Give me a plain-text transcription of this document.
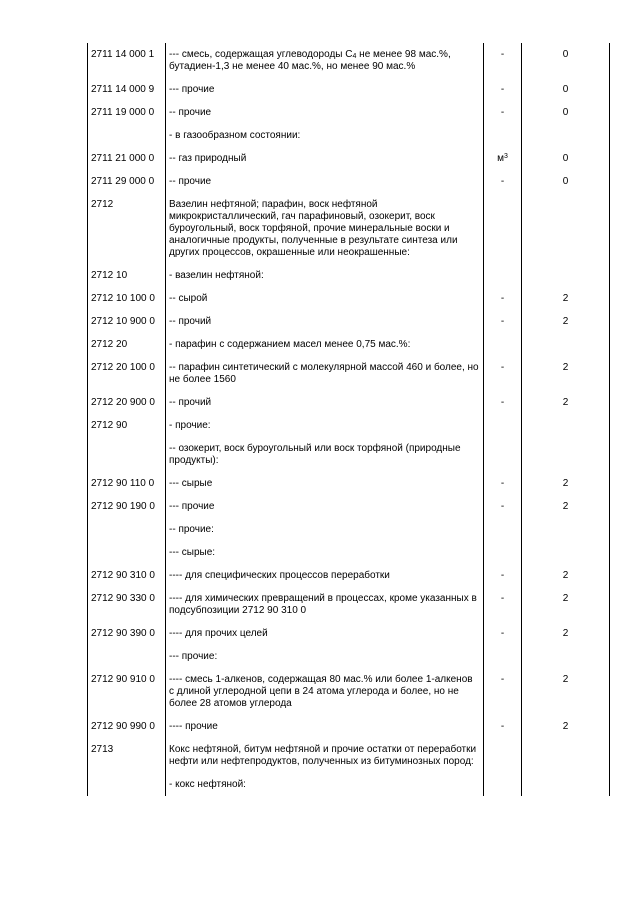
2711 14 000 1	--- смесь, содержащая углеводороды $C_4$ не менее 98 мас.%, бутадиен-1,3 не менее 40 мас.%, но менее 90 мас.%	-	0
2711 14 000 9	--- прочие	-	0
2711 19 000 0	-- прочие	-	0
	- в газообразном состоянии:		
2711 21 000 0	-- газ природный	$м^3$	0
2711 29 000 0	-- прочие	-	0
2712	Вазелин нефтяной; парафин, воск нефтяной микрокристаллический, гач парафиновый, озокерит, воск буроугольный, воск торфяной, прочие минеральные воски и аналогичные продукты, полученные в результате синтеза или других процессов, окрашенные или неокрашенные:		
2712 10	- вазелин нефтяной:		
2712 10 100 0	-- сырой	-	2
2712 10 900 0	-- прочий	-	2
2712 20	- парафин с содержанием масел менее 0,75 мас.%:		
2712 20 100 0	-- парафин синтетический с молекулярной массой 460 и более, но не более 1560	-	2
2712 20 900 0	-- прочий	-	2
2712 90	- прочие:		
	-- озокерит, воск буроугольный или воск торфяной (природные продукты):		
2712 90 110 0	--- сырые	-	2
2712 90 190 0	--- прочие	-	2
	-- прочие:		
	--- сырые:		
2712 90 310 0	---- для специфических процессов переработки	-	2
2712 90 330 0	---- для химических превращений в процессах, кроме указанных в подсубпозиции 2712 90 310 0	-	2
2712 90 390 0	---- для прочих целей	-	2
	--- прочие:		
2712 90 910 0	---- смесь 1-алкенов, содержащая 80 мас.% или более 1-алкенов с длиной углеродной цепи в 24 атома углерода и более, но не более 28 атомов углерода	-	2
2712 90 990 0	---- прочие	-	2
2713	Кокс нефтяной, битум нефтяной и прочие остатки от переработки нефти или нефтепродуктов, полученных из битуминозных пород:		
	- кокс нефтяной:		
